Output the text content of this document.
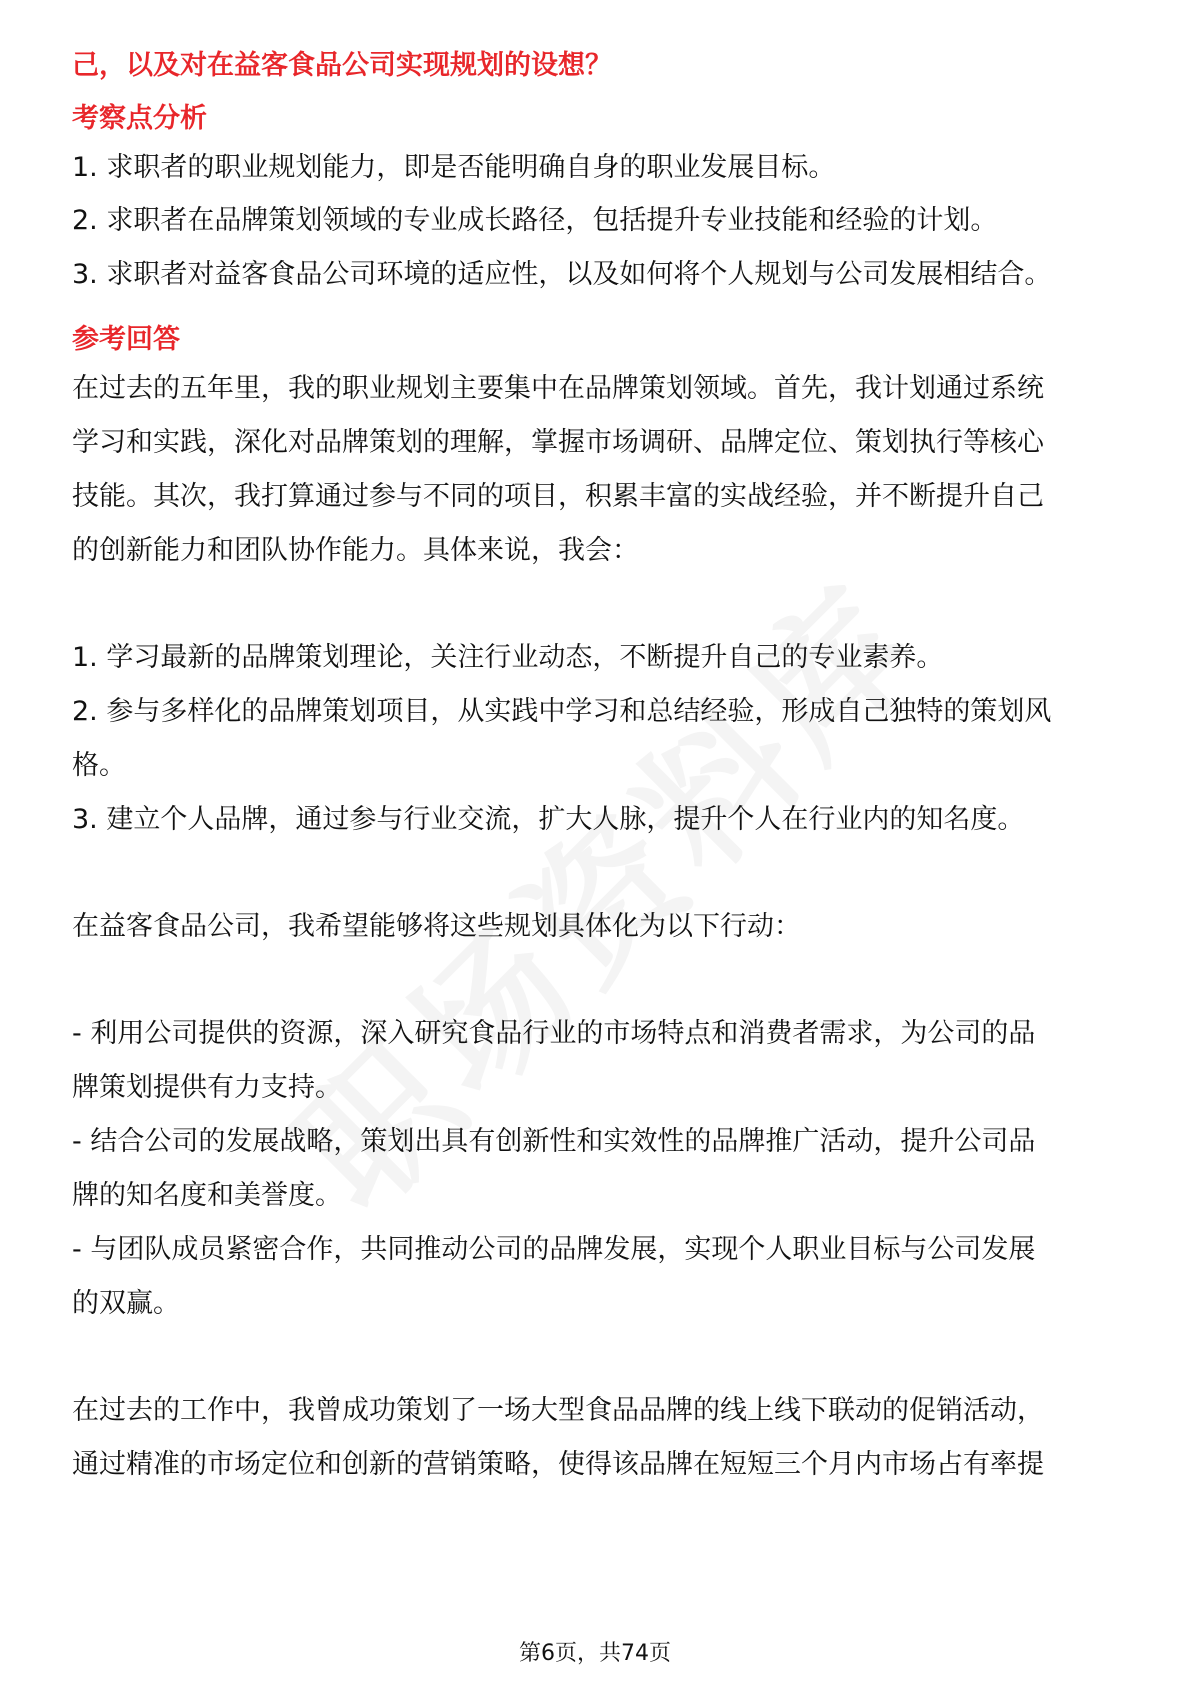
己，以及对在益客食品公司实现规划的设想？
考察点分析
1. 求职者的职业规划能力，即是否能明确自身的职业发展目标。
2. 求职者在品牌策划领域的专业成长路径，包括提升专业技能和经验的计划。
3. 求职者对益客食品公司环境的适应性，以及如何将个人规划与公司发展相结合。
参考回答
在过去的五年里，我的职业规划主要集中在品牌策划领域。首先，我计划通过系统
学习和实践，深化对品牌策划的理解，掌握市场调研、品牌定位、策划执行等核心
技能。其次，我打算通过参与不同的项目，积累丰富的实战经验，并不断提升自己
的创新能力和团队协作能力。具体来说，我会：
1. 学习最新的品牌策划理论，关注行业动态，不断提升自己的专业素养。
2. 参与多样化的品牌策划项目，从实践中学习和总结经验，形成自己独特的策划风
格。
3. 建立个人品牌，通过参与行业交流，扩大人脉，提升个人在行业内的知名度。
在益客食品公司，我希望能够将这些规划具体化为以下行动：
- 利用公司提供的资源，深入研究食品行业的市场特点和消费者需求，为公司的品
牌策划提供有力支持。
- 结合公司的发展战略，策划出具有创新性和实效性的品牌推广活动，提升公司品
牌的知名度和美誉度。
- 与团队成员紧密合作，共同推动公司的品牌发展，实现个人职业目标与公司发展
的双赢。
在过去的工作中，我曾成功策划了一场大型食品品牌的线上线下联动的促销活动，
通过精准的市场定位和创新的营销策略，使得该品牌在短短三个月内市场占有率提
第6页，共74页
